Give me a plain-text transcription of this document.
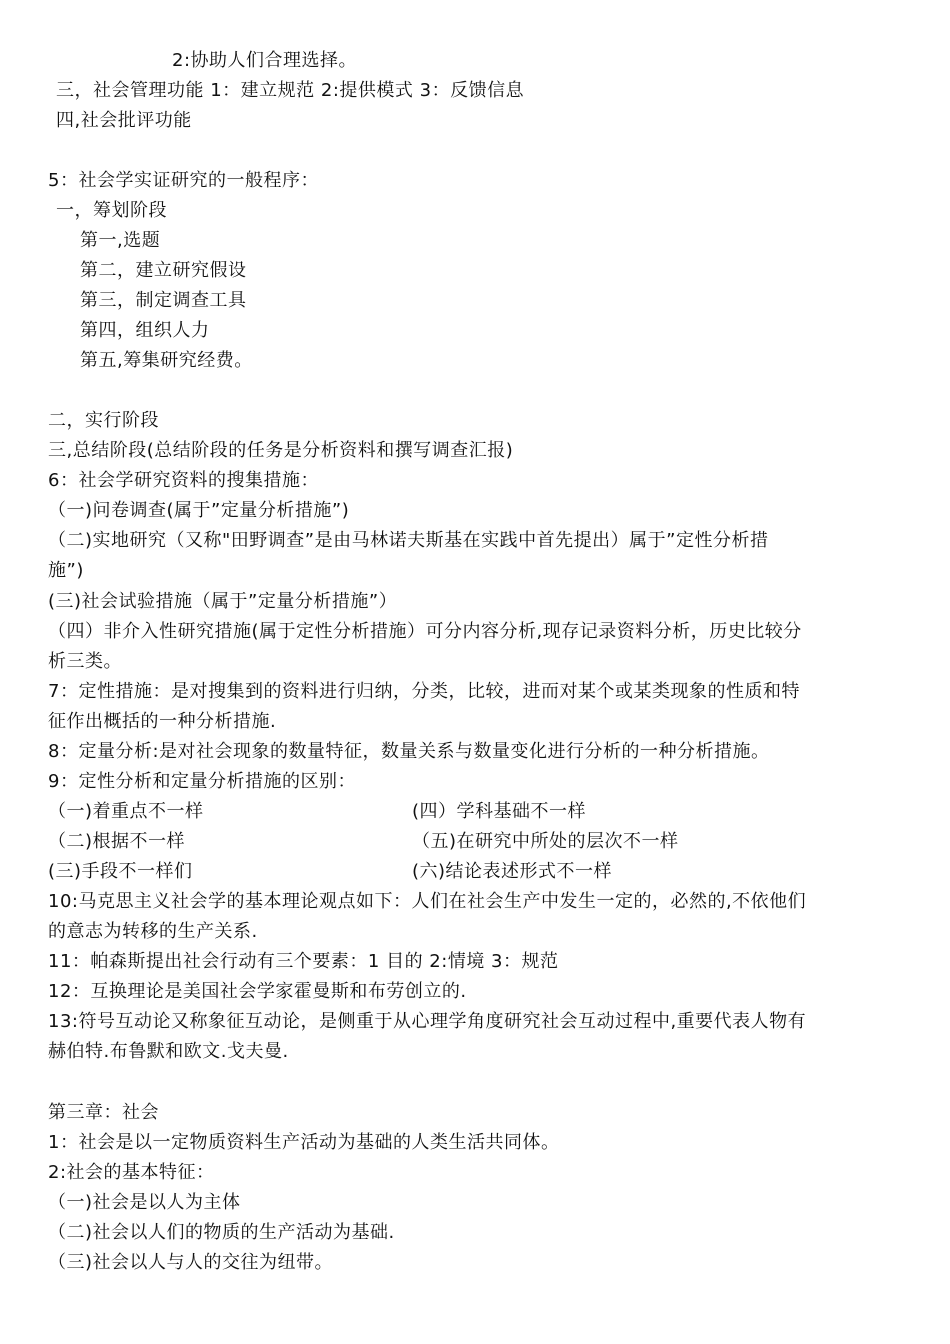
2:协助人们合理选择。
三，社会管理功能 1：建立规范 2:提供模式 3：反馈信息
四,社会批评功能
5：社会学实证研究的一般程序：
一，筹划阶段
第一,选题
第二，建立研究假设
第三，制定调查工具
第四，组织人力
第五,筹集研究经费。
二，实行阶段
三,总结阶段(总结阶段的任务是分析资料和撰写调查汇报)
6：社会学研究资料的搜集措施：
（一)问卷调查(属于”定量分析措施”)
（二)实地研究（又称"田野调查”是由马林诺夫斯基在实践中首先提出）属于”定性分析措
施”)
(三)社会试验措施（属于”定量分析措施”）
（四）非介入性研究措施(属于定性分析措施）可分内容分析,现存记录资料分析，历史比较分
析三类。
7：定性措施：是对搜集到的资料进行归纳，分类，比较，进而对某个或某类现象的性质和特
征作出概括的一种分析措施.
8：定量分析:是对社会现象的数量特征，数量关系与数量变化进行分析的一种分析措施。
9：定性分析和定量分析措施的区别：
（一)着重点不一样	(四）学科基础不一样
（二)根据不一样	（五)在研究中所处的层次不一样
(三)手段不一样们	(六)结论表述形式不一样
10:马克思主义社会学的基本理论观点如下：人们在社会生产中发生一定的，必然的,不依他们
的意志为转移的生产关系.
11：帕森斯提出社会行动有三个要素：1 目的 2:情境 3：规范
12：互换理论是美国社会学家霍曼斯和布劳创立的.
13:符号互动论又称象征互动论，是侧重于从心理学角度研究社会互动过程中,重要代表人物有
赫伯特.布鲁默和欧文.戈夫曼.
第三章：社会
1：社会是以一定物质资料生产活动为基础的人类生活共同体。
2:社会的基本特征：
（一)社会是以人为主体
（二)社会以人们的物质的生产活动为基础.
（三)社会以人与人的交往为纽带。
